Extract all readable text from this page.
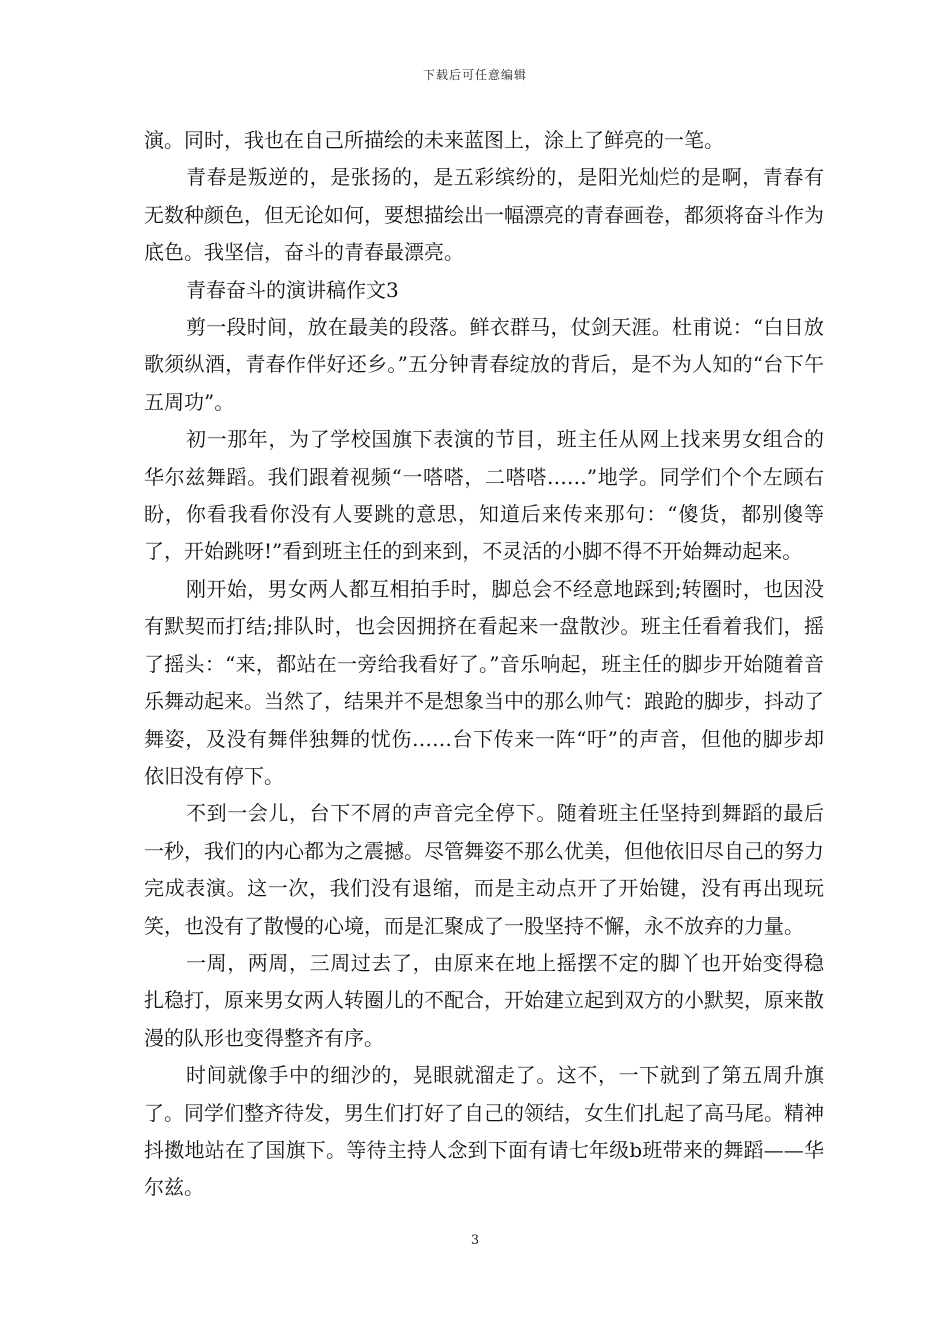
下载后可任意编辑

演。同时，我也在自己所描绘的未来蓝图上，涂上了鲜亮的一笔。

青春是叛逆的，是张扬的，是五彩缤纷的，是阳光灿烂的是啊，青春有无数种颜色，但无论如何，要想描绘出一幅漂亮的青春画卷，都须将奋斗作为底色。我坚信，奋斗的青春最漂亮。

青春奋斗的演讲稿作文3

剪一段时间，放在最美的段落。鲜衣群马，仗剑天涯。杜甫说：“白日放歌须纵酒，青春作伴好还乡。”五分钟青春绽放的背后，是不为人知的“台下午五周功”。

初一那年，为了学校国旗下表演的节目，班主任从网上找来男女组合的华尔兹舞蹈。我们跟着视频“一嗒嗒，二嗒嗒……”地学。同学们个个左顾右盼，你看我看你没有人要跳的意思，知道后来传来那句：“傻货，都别傻等了，开始跳呀!”看到班主任的到来到，不灵活的小脚不得不开始舞动起来。

刚开始，男女两人都互相拍手时，脚总会不经意地踩到;转圈时，也因没有默契而打结;排队时，也会因拥挤在看起来一盘散沙。班主任看着我们，摇了摇头：“来，都站在一旁给我看好了。”音乐响起，班主任的脚步开始随着音乐舞动起来。当然了，结果并不是想象当中的那么帅气：踉跄的脚步，抖动了舞姿，及没有舞伴独舞的忧伤……台下传来一阵“吁”的声音，但他的脚步却依旧没有停下。

不到一会儿，台下不屑的声音完全停下。随着班主任坚持到舞蹈的最后一秒，我们的内心都为之震撼。尽管舞姿不那么优美，但他依旧尽自己的努力完成表演。这一次，我们没有退缩，而是主动点开了开始键，没有再出现玩笑，也没有了散慢的心境，而是汇聚成了一股坚持不懈，永不放弃的力量。

一周，两周，三周过去了，由原来在地上摇摆不定的脚丫也开始变得稳扎稳打，原来男女两人转圈儿的不配合，开始建立起到双方的小默契，原来散漫的队形也变得整齐有序。

时间就像手中的细沙的，晃眼就溜走了。这不，一下就到了第五周升旗了。同学们整齐待发，男生们打好了自己的领结，女生们扎起了高马尾。精神抖擞地站在了国旗下。等待主持人念到下面有请七年级b班带来的舞蹈——华尔兹。

3
